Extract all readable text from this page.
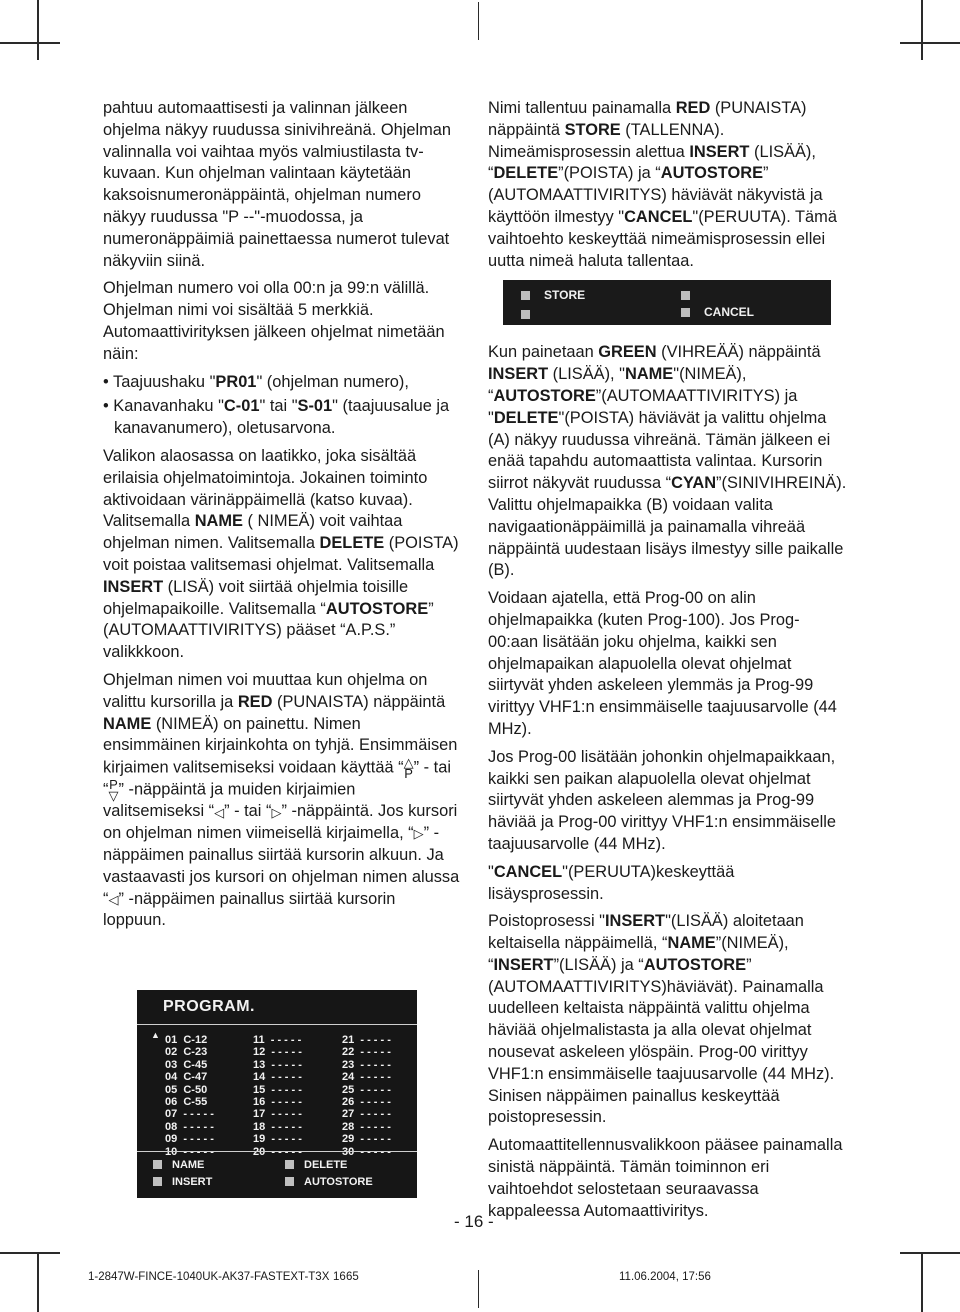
pahtuu automaattisesti ja valinnan jälkeen ohjelma näkyy ruudussa sinivihreänä. Ohjelman valinnalla voi vaihtaa myös valmiustilasta tv-kuvaan. Kun ohjelman valintaan käytetään kaksoisnumeronäppäintä, ohjelman numero näkyy ruudussa "P --"-muodossa, ja numeronäppäimiä painettaessa numerot tulevat näkyviin siinä.

Ohjelman numero voi olla 00:n ja 99:n välillä.

Ohjelman nimi voi sisältää 5 merkkiä. Automaattivirityksen jälkeen ohjelmat nimetään näin:

• Taajuushaku "PR01" (ohjelman numero),
• Kanavanhaku "C-01" tai "S-01" (taajuusalue ja kanavanumero), oletusarvona.

Valikon alaosassa on laatikko, joka sisältää erilaisia ohjelmatoimintoja. Jokainen toiminto aktivoidaan värinäppäimellä (katso kuvaa). Valitsemalla NAME ( NIMEÄ) voit vaihtaa ohjelman nimen. Valitsemalla DELETE (POISTA) voit poistaa valitsemasi ohjelmat. Valitsemalla INSERT (LISÄ) voit siirtää ohjelmia toisille ohjelmapaikoille. Valitsemalla “AUTOSTORE” (AUTOMAATTIVIRITYS) pääset “A.P.S.” valikkkoon.

Ohjelman nimen voi muuttaa kun ohjelma on valittu kursorilla ja RED (PUNAISTA) näppäintä NAME (NIMEÄ) on painettu. Nimen ensimmäinen kirjainkohta on tyhjä. Ensimmäisen kirjaimen valitsemiseksi voidaan käyttää “△
P” - tai “P
▽” -näppäintä ja muiden kirjaimien valitsemiseksi “◁” - tai “▷” -näppäintä. Jos kursori on ohjelman nimen viimeisellä kirjaimella, “▷” -näppäimen painallus siirtää kursorin alkuun. Ja vastaavasti jos kursori on ohjelman nimen alussa “◁” -näppäimen painallus siirtää kursorin loppuun.

PROGRAM.
▲ 01  C-12
02  C-23
03  C-45
04  C-47
05  C-50
06  C-55
07  - - - - -
08  - - - - -
09  - - - - -
10  - - - - -
11  - - - - -
12  - - - - -
13  - - - - -
14  - - - - -
15  - - - - -
16  - - - - -
17  - - - - -
18  - - - - -
19  - - - - -
20  - - - - -
21  - - - - -
22  - - - - -
23  - - - - -
24  - - - - -
25  - - - - -
26  - - - - -
27  - - - - -
28  - - - - -
29  - - - - -
30  - - - - -
NAME
INSERT
DELETE
AUTOSTORE

Nimi tallentuu painamalla RED (PUNAISTA) näppäintä STORE (TALLENNA). Nimeämisprosessin alettua INSERT (LISÄÄ), “DELETE”(POISTA) ja “AUTOSTORE” (AUTOMAATTIVIRITYS) häviävät näkyvistä ja käyttöön ilmestyy "CANCEL"(PERUUTA). Tämä vaihtoehto keskeyttää nimeämisprosessin ellei uutta nimeä haluta tallentaa.

Kun painetaan GREEN (VIHREÄÄ) näppäintä INSERT (LISÄÄ), "NAME"(NIMEÄ), “AUTOSTORE”(AUTOMAATTIVIRITYS) ja "DELETE"(POISTA) häviävät ja valittu ohjelma (A) näkyy ruudussa vihreänä. Tämän jälkeen ei enää tapahdu automaattista valintaa. Kursorin siirrot näkyvät ruudussa “CYAN”(SINIVIHREINÄ). Valittu ohjelmapaikka (B) voidaan valita navigaationäppäimillä ja painamalla vihreää näppäintä uudestaan lisäys ilmestyy sille paikalle (B).

Voidaan ajatella, että Prog-00 on alin ohjelmapaikka (kuten Prog-100). Jos Prog-00:aan lisätään joku ohjelma, kaikki sen ohjelmapaikan alapuolella olevat ohjelmat siirtyvät yhden askeleen ylemmäs ja Prog-99 virittyy VHF1:n ensimmäiselle taajuusarvolle (44 MHz).

Jos Prog-00 lisätään johonkin ohjelmapaikkaan, kaikki sen paikan alapuolella olevat ohjelmat siirtyvät yhden askeleen alemmas ja Prog-99 häviää ja Prog-00 virittyy VHF1:n ensimmäiselle taajuusarvolle (44 MHz).

"CANCEL"(PERUUTA)keskeyttää lisäysprosessin.

Poistoprosessi "INSERT"(LISÄÄ) aloitetaan keltaisella näppäimellä, “NAME”(NIMEÄ), “INSERT”(LISÄÄ) ja “AUTOSTORE” (AUTOMAATTIVIRITYS)häviävät). Painamalla uudelleen keltaista näppäintä valittu ohjelma häviää ohjelmalistasta ja alla olevat ohjelmat nousevat askeleen ylöspäin. Prog-00 virittyy VHF1:n ensimmäiselle taajuusarvolle (44 MHz). Sinisen näppäimen painallus keskeyttää poistopresessin.

Automaattitellennusvalikkoon pääsee painamalla sinistä näppäintä. Tämän toiminnon eri vaihtoehdot selostetaan seuraavassa kappaleessa Automaattiviritys.

STORE
CANCEL
- 16 -
1-2847W-FINCE-1040UK-AK37-FASTEXT-T3X 16 65	11.06.2004, 17:56
